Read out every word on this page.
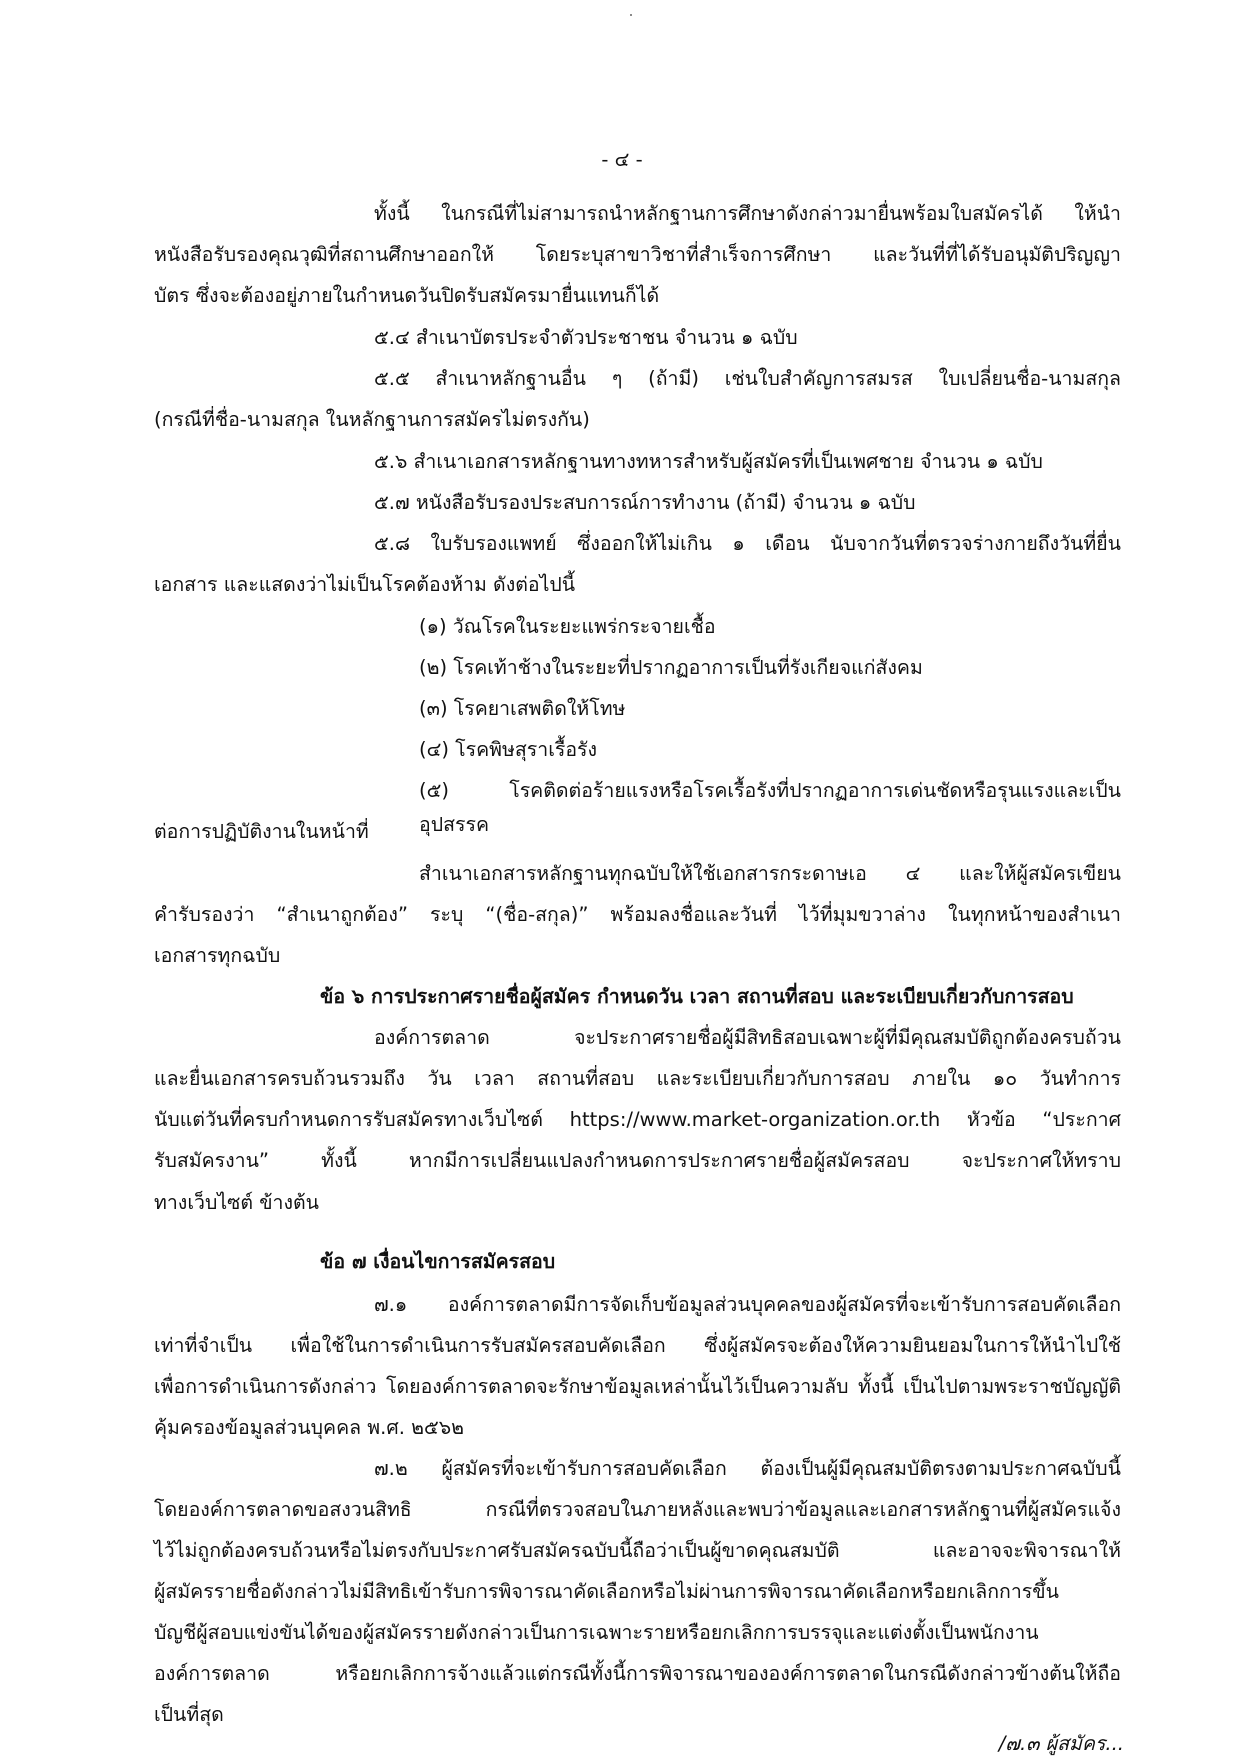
- ๔ -
ทั้งนี้ ในกรณีที่ไม่สามารถนำหลักฐานการศึกษาดังกล่าวมายื่นพร้อมใบสมัครได้ ให้นำ
หนังสือรับรองคุณวุฒิที่สถานศึกษาออกให้ โดยระบุสาขาวิชาที่สำเร็จการศึกษา และวันที่ที่ได้รับอนุมัติปริญญา
บัตร ซึ่งจะต้องอยู่ภายในกำหนดวันปิดรับสมัครมายื่นแทนก็ได้
๕.๔ สำเนาบัตรประจำตัวประชาชน จำนวน ๑ ฉบับ
๕.๕ สำเนาหลักฐานอื่น ๆ (ถ้ามี) เช่นใบสำคัญการสมรส ใบเปลี่ยนชื่อ-นามสกุล
(กรณีที่ชื่อ-นามสกุล ในหลักฐานการสมัครไม่ตรงกัน)
๕.๖ สำเนาเอกสารหลักฐานทางทหารสำหรับผู้สมัครที่เป็นเพศชาย จำนวน ๑ ฉบับ
๕.๗ หนังสือรับรองประสบการณ์การทำงาน (ถ้ามี) จำนวน ๑ ฉบับ
๕.๘ ใบรับรองแพทย์ ซึ่งออกให้ไม่เกิน ๑ เดือน นับจากวันที่ตรวจร่างกายถึงวันที่ยื่น
เอกสาร และแสดงว่าไม่เป็นโรคต้องห้าม ดังต่อไปนี้
(๑) วัณโรคในระยะแพร่กระจายเชื้อ
(๒) โรคเท้าช้างในระยะที่ปรากฏอาการเป็นที่รังเกียจแก่สังคม
(๓) โรคยาเสพติดให้โทษ
(๔) โรคพิษสุราเรื้อรัง
(๕) โรคติดต่อร้ายแรงหรือโรคเรื้อรังที่ปรากฏอาการเด่นชัดหรือรุนแรงและเป็นอุปสรรค
ต่อการปฏิบัติงานในหน้าที่
สำเนาเอกสารหลักฐานทุกฉบับให้ใช้เอกสารกระดาษเอ ๔ และให้ผู้สมัครเขียน
คำรับรองว่า “สำเนาถูกต้อง” ระบุ “(ชื่อ-สกุล)” พร้อมลงชื่อและวันที่ ไว้ที่มุมขวาล่าง ในทุกหน้าของสำเนา
เอกสารทุกฉบับ
ข้อ ๖ การประกาศรายชื่อผู้สมัคร กำหนดวัน เวลา สถานที่สอบ และระเบียบเกี่ยวกับการสอบ
องค์การตลาด จะประกาศรายชื่อผู้มีสิทธิสอบเฉพาะผู้ที่มีคุณสมบัติถูกต้องครบถ้วน
และยื่นเอกสารครบถ้วนรวมถึง วัน เวลา สถานที่สอบ และระเบียบเกี่ยวกับการสอบ ภายใน ๑๐ วันทำการ
นับแต่วันที่ครบกำหนดการรับสมัครทางเว็บไซต์ https://www.market-organization.or.th หัวข้อ “ประกาศ
รับสมัครงาน” ทั้งนี้ หากมีการเปลี่ยนแปลงกำหนดการประกาศรายชื่อผู้สมัครสอบ จะประกาศให้ทราบ
ทางเว็บไซต์ ข้างต้น
ข้อ ๗ เงื่อนไขการสมัครสอบ
๗.๑ องค์การตลาดมีการจัดเก็บข้อมูลส่วนบุคคลของผู้สมัครที่จะเข้ารับการสอบคัดเลือก
เท่าที่จำเป็น เพื่อใช้ในการดำเนินการรับสมัครสอบคัดเลือก ซึ่งผู้สมัครจะต้องให้ความยินยอมในการให้นำไปใช้
เพื่อการดำเนินการดังกล่าว โดยองค์การตลาดจะรักษาข้อมูลเหล่านั้นไว้เป็นความลับ ทั้งนี้ เป็นไปตามพระราชบัญญัติ
คุ้มครองข้อมูลส่วนบุคคล พ.ศ. ๒๕๖๒
๗.๒ ผู้สมัครที่จะเข้ารับการสอบคัดเลือก ต้องเป็นผู้มีคุณสมบัติตรงตามประกาศฉบับนี้
โดยองค์การตลาดขอสงวนสิทธิ กรณีที่ตรวจสอบในภายหลังและพบว่าข้อมูลและเอกสารหลักฐานที่ผู้สมัครแจ้ง
ไว้ไม่ถูกต้องครบถ้วนหรือไม่ตรงกับประกาศรับสมัครฉบับนี้ถือว่าเป็นผู้ขาดคุณสมบัติ และอาจจะพิจารณาให้
ผู้สมัครรายชื่อดังกล่าวไม่มีสิทธิเข้ารับการพิจารณาคัดเลือกหรือไม่ผ่านการพิจารณาคัดเลือกหรือยกเลิกการขึ้น
บัญชีผู้สอบแข่งขันได้ของผู้สมัครรายดังกล่าวเป็นการเฉพาะรายหรือยกเลิกการบรรจุและแต่งตั้งเป็นพนักงาน
องค์การตลาด หรือยกเลิกการจ้างแล้วแต่กรณีทั้งนี้การพิจารณาขององค์การตลาดในกรณีดังกล่าวข้างต้นให้ถือ
เป็นที่สุด
/๗.๓ ผู้สมัคร...
